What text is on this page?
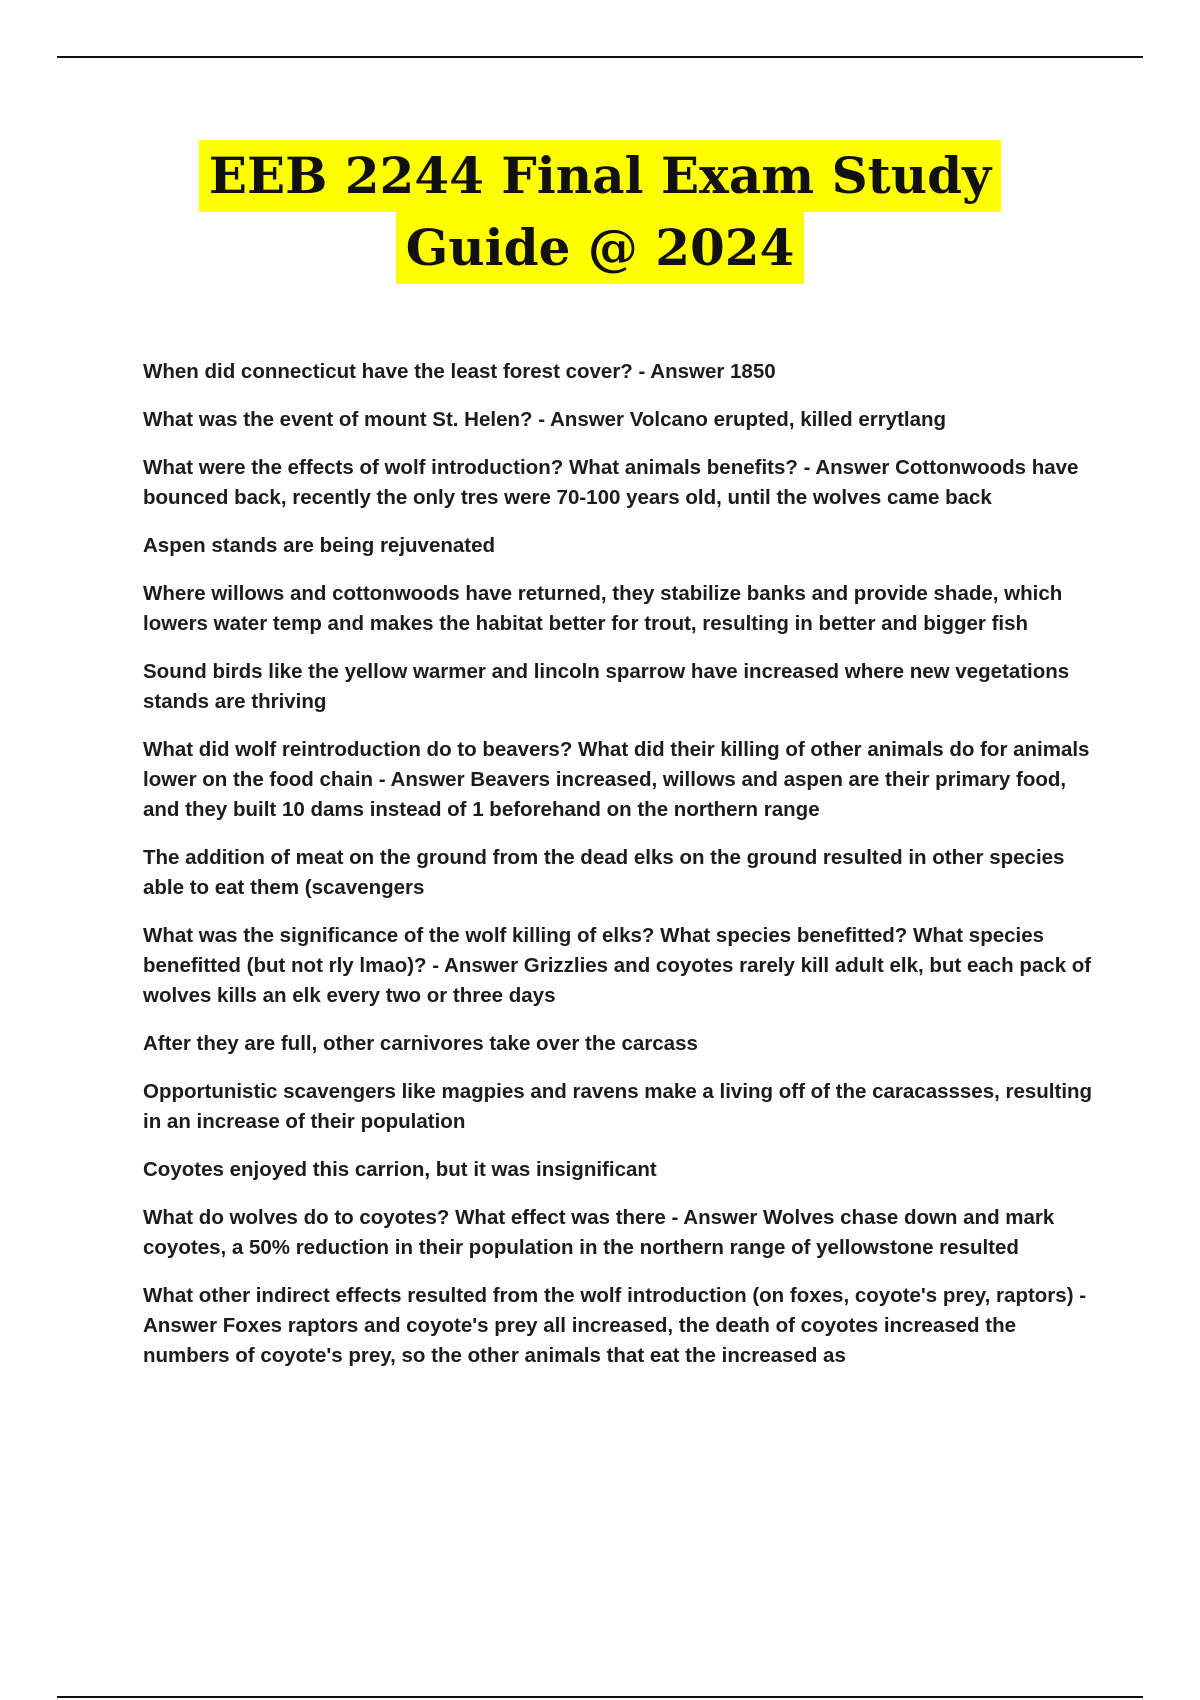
EEB 2244 Final Exam Study
Guide @ 2024

When did connecticut have the least forest cover? - Answer 1850

What was the event of mount St. Helen? - Answer Volcano erupted, killed errytlang

What were the effects of wolf introduction? What animals benefits? - Answer Cottonwoods have bounced back, recently the only tres were 70-100 years old, until the wolves came back

Aspen stands are being rejuvenated

Where willows and cottonwoods have returned, they stabilize banks and provide shade, which lowers water temp and makes the habitat better for trout, resulting in better and bigger fish

Sound birds like the yellow warmer and lincoln sparrow have increased where new vegetations stands are thriving

What did wolf reintroduction do to beavers? What did their killing of other animals do for animals lower on the food chain - Answer Beavers increased, willows and aspen are their primary food, and they built 10 dams instead of 1 beforehand on the northern range

The addition of meat on the ground from the dead elks on the ground resulted in other species able to eat them (scavengers

What was the significance of the wolf killing of elks? What species benefitted? What species benefitted (but not rly lmao)? - Answer Grizzlies and coyotes rarely kill adult elk, but each pack of wolves kills an elk every two or three days

After they are full, other carnivores take over the carcass

Opportunistic scavengers like magpies and ravens make a living off of the caracassses, resulting in an increase of their population

Coyotes enjoyed this carrion, but it was insignificant

What do wolves do to coyotes? What effect was there - Answer Wolves chase down and mark coyotes, a 50% reduction in their population in the northern range of yellowstone resulted

What other indirect effects resulted from the wolf introduction (on foxes, coyote's prey, raptors) - Answer Foxes raptors and coyote's prey all increased, the death of coyotes increased the numbers of coyote's prey, so the other animals that eat the increased as
